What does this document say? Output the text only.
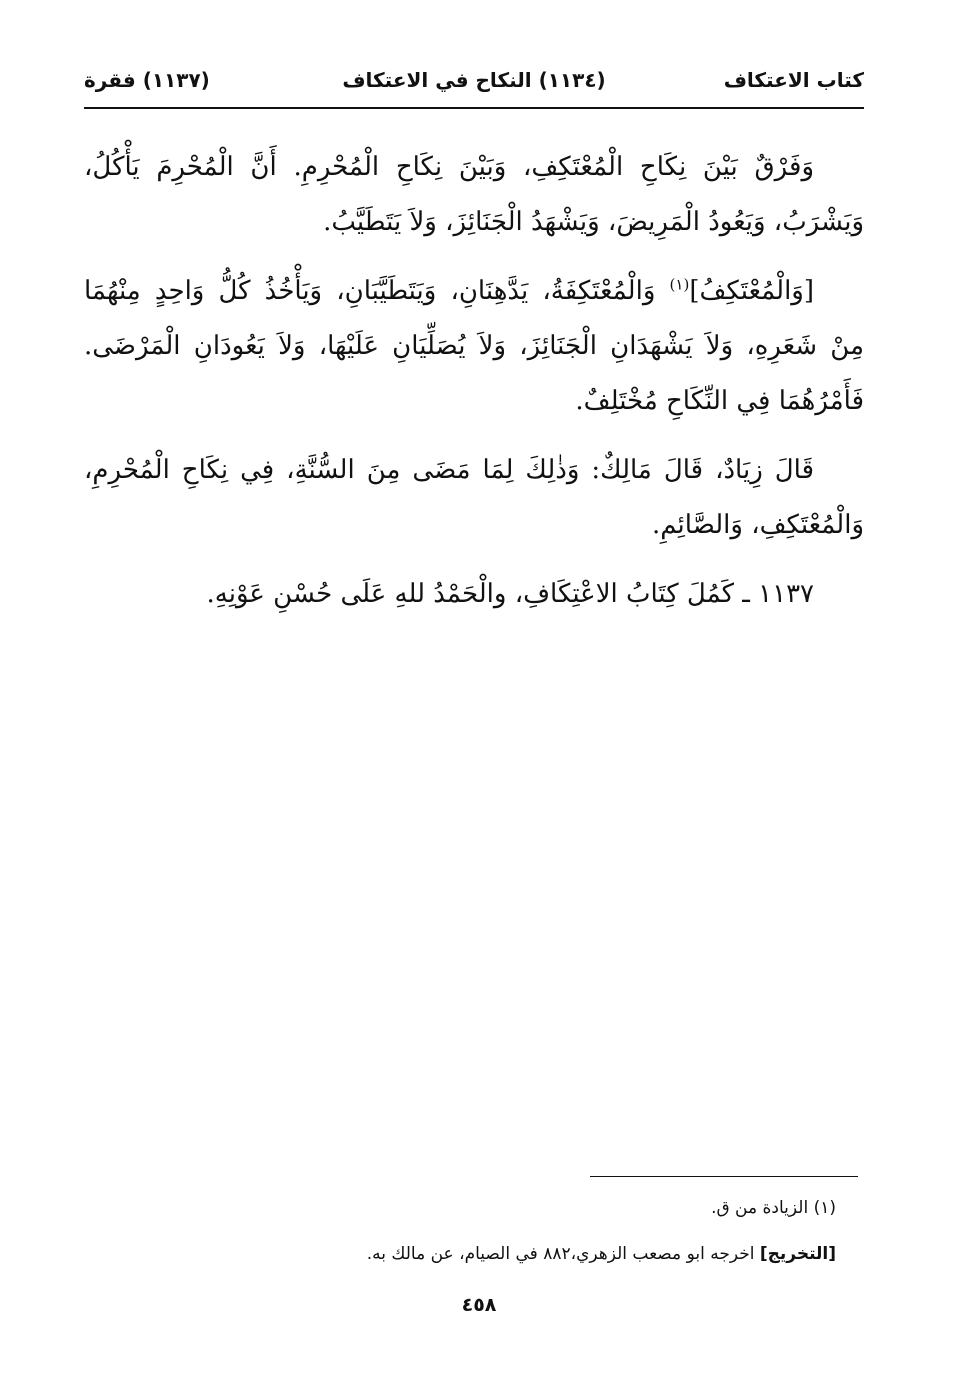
كتاب الاعتكاف
(١١٣٤) النكاح في الاعتكاف
(١١٣٧) فقرة

وَفَرْقٌ بَيْنَ نِكَاحِ الْمُعْتَكِفِ، وَبَيْنَ نِكَاحِ الْمُحْرِمِ. أَنَّ الْمُحْرِمَ يَأْكُلُ، وَيَشْرَبُ، وَيَعُودُ الْمَرِيضَ، وَيَشْهَدُ الْجَنَائِزَ، وَلاَ يَتَطَيَّبُ.

[وَالْمُعْتَكِفُ]$^{(١)}$ وَالْمُعْتَكِفَةُ، يَدَّهِنَانِ، وَيَتَطَيَّبَانِ، وَيَأْخُذُ كُلُّ وَاحِدٍ مِنْهُمَا مِنْ شَعَرِهِ، وَلاَ يَشْهَدَانِ الْجَنَائِزَ، وَلاَ يُصَلِّيَانِ عَلَيْهَا، وَلاَ يَعُودَانِ الْمَرْضَى. فَأَمْرُهُمَا فِي النِّكَاحِ مُخْتَلِفٌ.

قَالَ زِيَادٌ، قَالَ مَالِكٌ: وَذٰلِكَ لِمَا مَضَى مِنَ السُّنَّةِ، فِي نِكَاحِ الْمُحْرِمِ، وَالْمُعْتَكِفِ، وَالصَّائِمِ.

١١٣٧ ـ كَمُلَ كِتَابُ الاعْتِكَافِ، والْحَمْدُ للهِ عَلَى حُسْنِ عَوْنِهِ.

(١) الزيادة من ق.

[التخريج] اخرجه ابو مصعب الزهري،٨٨٢ في الصيام، عن مالك به.

٤٥٨
